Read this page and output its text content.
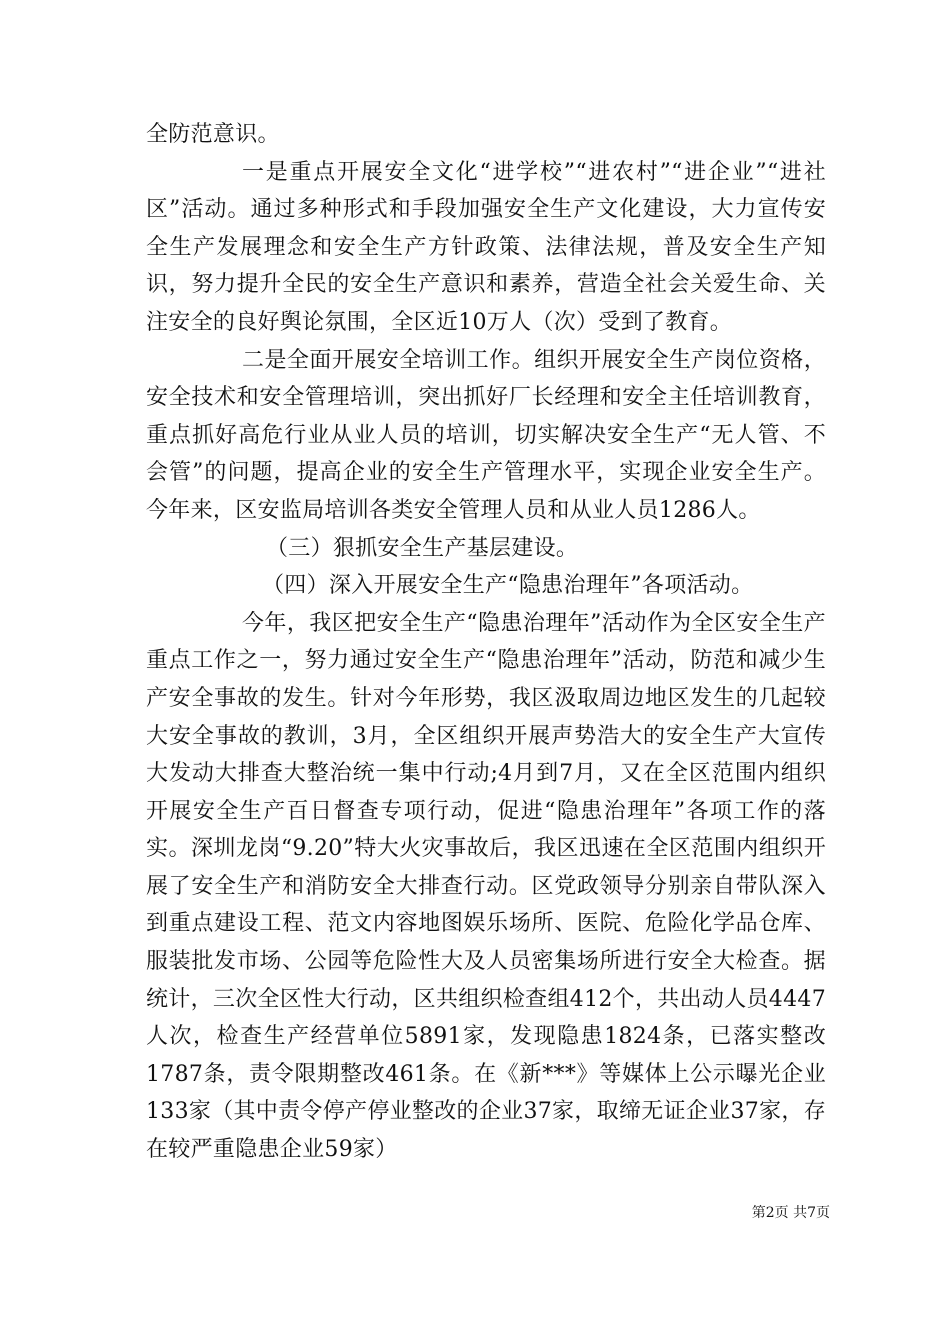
全防范意识。

一是重点开展安全文化“进学校”“进农村”“进企业”“进社区”活动。通过多种形式和手段加强安全生产文化建设，大力宣传安全生产发展理念和安全生产方针政策、法律法规，普及安全生产知识，努力提升全民的安全生产意识和素养，营造全社会关爱生命、关注安全的良好舆论氛围，全区近10万人（次）受到了教育。

二是全面开展安全培训工作。组织开展安全生产岗位资格，安全技术和安全管理培训，突出抓好厂长经理和安全主任培训教育，重点抓好高危行业从业人员的培训，切实解决安全生产“无人管、不会管”的问题，提高企业的安全生产管理水平，实现企业安全生产。今年来，区安监局培训各类安全管理人员和从业人员1286人。

（三）狠抓安全生产基层建设。

（四）深入开展安全生产“隐患治理年”各项活动。

今年，我区把安全生产“隐患治理年”活动作为全区安全生产重点工作之一，努力通过安全生产“隐患治理年”活动，防范和减少生产安全事故的发生。针对今年形势，我区汲取周边地区发生的几起较大安全事故的教训，3月，全区组织开展声势浩大的安全生产大宣传大发动大排查大整治统一集中行动;4月到7月，又在全区范围内组织开展安全生产百日督查专项行动，促进“隐患治理年”各项工作的落实。深圳龙岗“9.20”特大火灾事故后，我区迅速在全区范围内组织开展了安全生产和消防安全大排查行动。区党政领导分别亲自带队深入到重点建设工程、范文内容地图娱乐场所、医院、危险化学品仓库、服装批发市场、公园等危险性大及人员密集场所进行安全大检查。据统计，三次全区性大行动，区共组织检查组412个，共出动人员4447人次，检查生产经营单位5891家，发现隐患1824条，已落实整改1787条，责令限期整改461条。在《新***》等媒体上公示曝光企业133家（其中责令停产停业整改的企业37家，取缔无证企业37家，存在较严重隐患企业59家）

第2页 共7页
